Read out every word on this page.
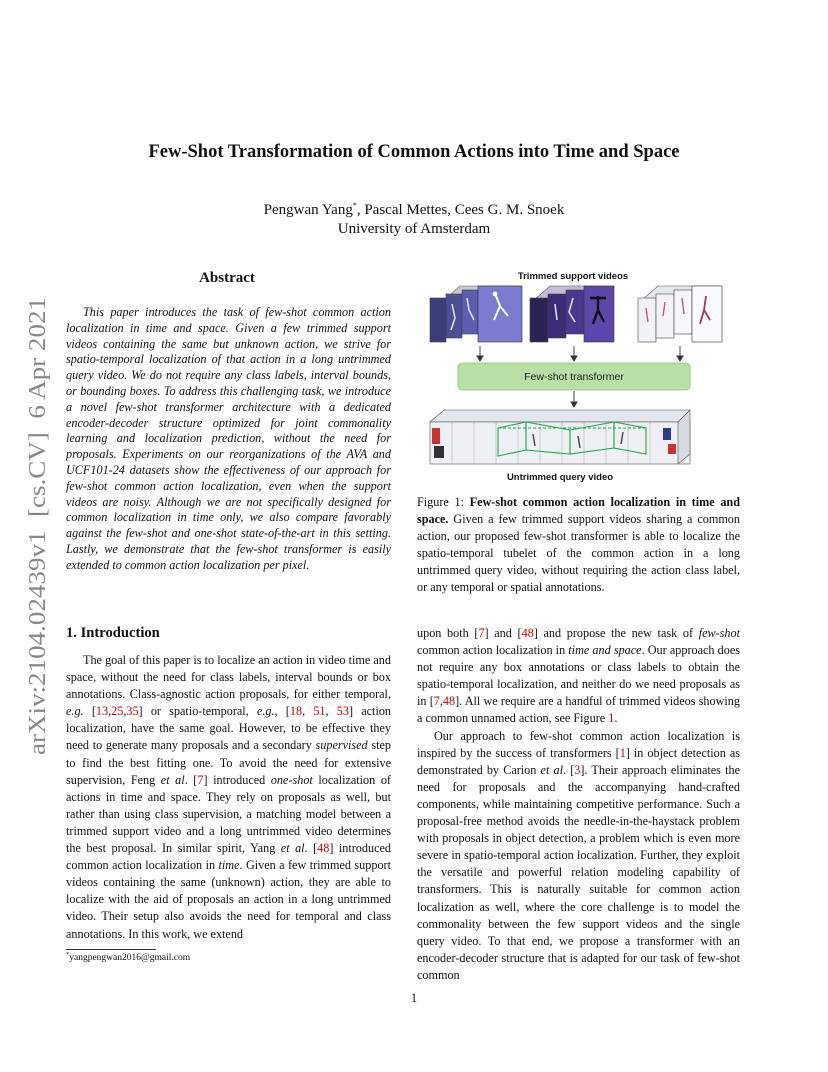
Few-Shot Transformation of Common Actions into Time and Space
Pengwan Yang*, Pascal Mettes, Cees G. M. Snoek
University of Amsterdam
arXiv:2104.02439v1  [cs.CV]  6 Apr 2021
Abstract
This paper introduces the task of few-shot common action localization in time and space. Given a few trimmed support videos containing the same but unknown action, we strive for spatio-temporal localization of that action in a long untrimmed query video. We do not require any class labels, interval bounds, or bounding boxes. To address this challenging task, we introduce a novel few-shot transformer architecture with a dedicated encoder-decoder structure optimized for joint commonality learning and localization prediction, without the need for proposals. Experiments on our reorganizations of the AVA and UCF101-24 datasets show the effectiveness of our approach for few-shot common action localization, even when the support videos are noisy. Although we are not specifically designed for common localization in time only, we also compare favorably against the few-shot and one-shot state-of-the-art in this setting. Lastly, we demonstrate that the few-shot transformer is easily extended to common action localization per pixel.
Trimmed support videos
Few-shot transformer
Untrimmed query video
Figure 1: Few-shot common action localization in time and space. Given a few trimmed support videos sharing a common action, our proposed few-shot transformer is able to localize the spatio-temporal tubelet of the common action in a long untrimmed query video, without requiring the action class label, or any temporal or spatial annotations.
1. Introduction
The goal of this paper is to localize an action in video time and space, without the need for class labels, interval bounds or box annotations. Class-agnostic action proposals, for either temporal, e.g. [13,25,35] or spatio-temporal, e.g., [18, 51, 53] action localization, have the same goal. However, to be effective they need to generate many proposals and a secondary supervised step to find the best fitting one. To avoid the need for extensive supervision, Feng et al. [7] introduced one-shot localization of actions in time and space. They rely on proposals as well, but rather than using class supervision, a matching model between a trimmed support video and a long untrimmed video determines the best proposal. In similar spirit, Yang et al. [48] introduced common action localization in time. Given a few trimmed support videos containing the same (unknown) action, they are able to localize with the aid of proposals an action in a long untrimmed video. Their setup also avoids the need for temporal and class annotations. In this work, we extend
upon both [7] and [48] and propose the new task of few-shot common action localization in time and space. Our approach does not require any box annotations or class labels to obtain the spatio-temporal localization, and neither do we need proposals as in [7,48]. All we require are a handful of trimmed videos showing a common unnamed action, see Figure 1.
Our approach to few-shot common action localization is inspired by the success of transformers [1] in object detection as demonstrated by Carion et al. [3]. Their approach eliminates the need for proposals and the accompanying hand-crafted components, while maintaining competitive performance. Such a proposal-free method avoids the needle-in-the-haystack problem with proposals in object detection, a problem which is even more severe in spatio-temporal action localization. Further, they exploit the versatile and powerful relation modeling capability of transformers. This is naturally suitable for common action localization as well, where the core challenge is to model the commonality between the few support videos and the single query video. To that end, we propose a transformer with an encoder-decoder structure that is adapted for our task of few-shot common
*yangpengwan2016@gmail.com
1
